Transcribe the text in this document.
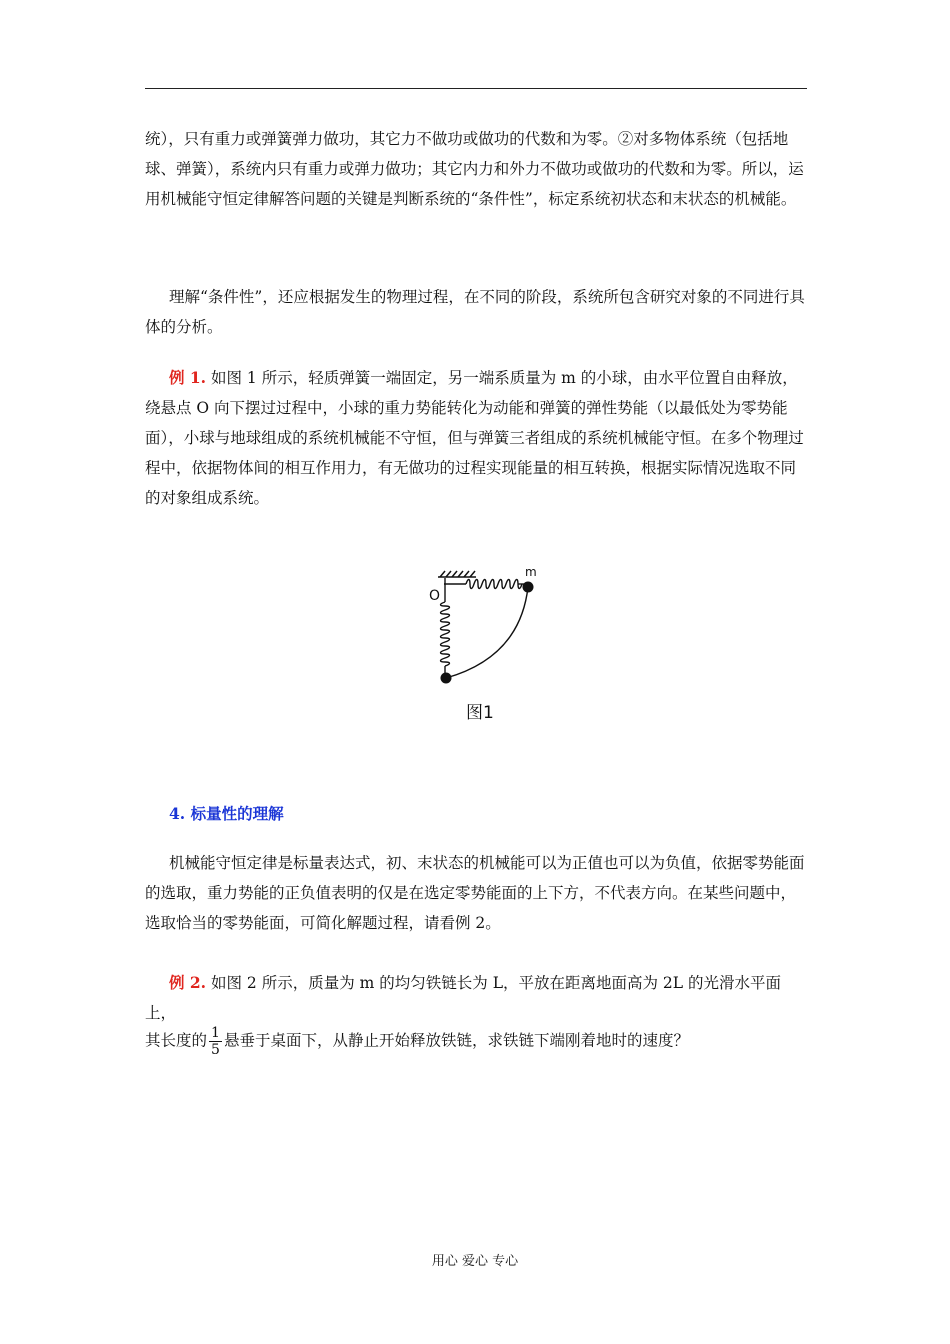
统），只有重力或弹簧弹力做功，其它力不做功或做功的代数和为零。②对多物体系统（包括地球、弹簧），系统内只有重力或弹力做功；其它内力和外力不做功或做功的代数和为零。所以，运用机械能守恒定律解答问题的关键是判断系统的“条件性”，标定系统初状态和末状态的机械能。

理解“条件性”，还应根据发生的物理过程，在不同的阶段，系统所包含研究对象的不同进行具体的分析。

例 1. 如图 1 所示，轻质弹簧一端固定，另一端系质量为 m 的小球，由水平位置自由释放，绕悬点 O 向下摆过过程中，小球的重力势能转化为动能和弹簧的弹性势能（以最低处为零势能面），小球与地球组成的系统机械能不守恒，但与弹簧三者组成的系统机械能守恒。在多个物理过程中，依据物体间的相互作用力，有无做功的过程实现能量的相互转换，根据实际情况选取不同的对象组成系统。

O
m
图1

4. 标量性的理解

机械能守恒定律是标量表达式，初、末状态的机械能可以为正值也可以为负值，依据零势能面的选取，重力势能的正负值表明的仅是在选定零势能面的上下方，不代表方向。在某些问题中，选取恰当的零势能面，可简化解题过程，请看例 2。

例 2. 如图 2 所示，质量为 m 的均匀铁链长为 L，平放在距离地面高为 2L 的光滑水平面上，

其长度的 $\frac{1}{5}$ 悬垂于桌面下，从静止开始释放铁链，求铁链下端刚着地时的速度？

用心 爱心 专心
